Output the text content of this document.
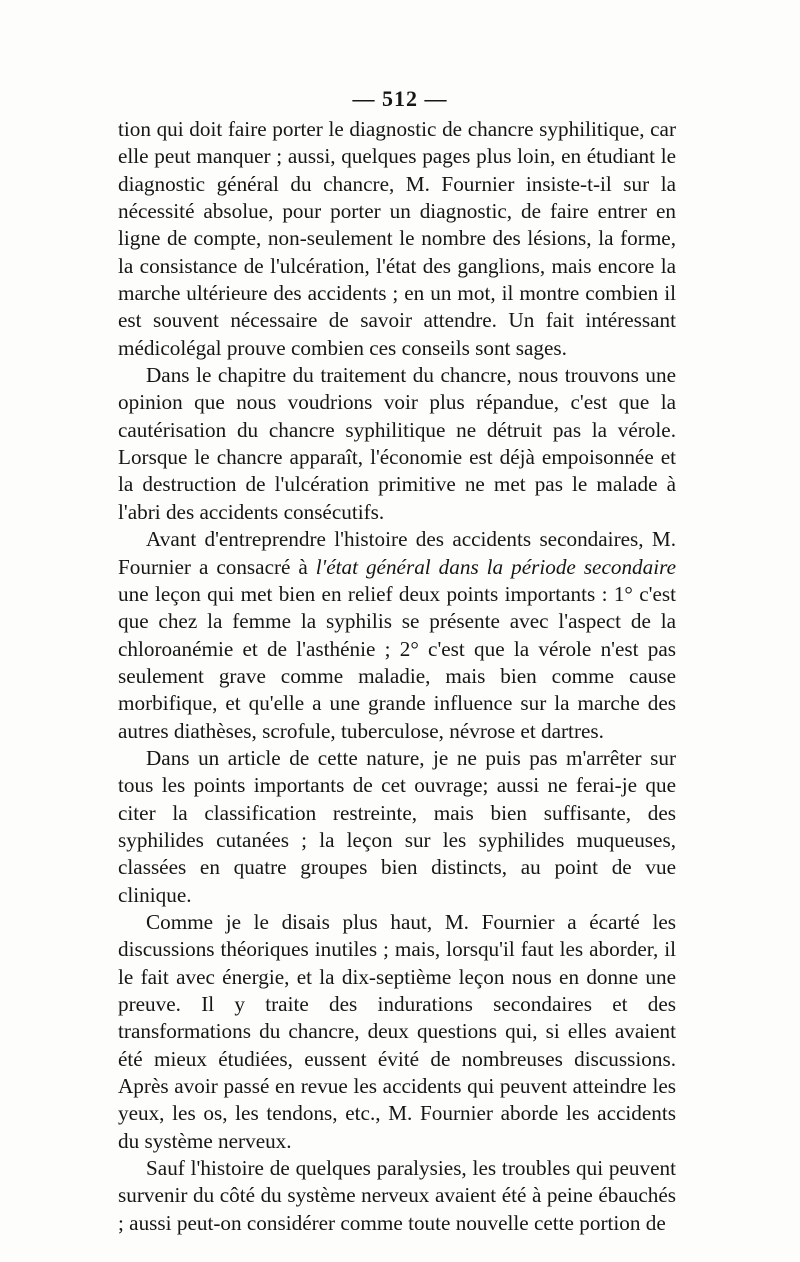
— 512 —

tion qui doit faire porter le diagnostic de chancre syphilitique, car elle peut manquer ; aussi, quelques pages plus loin, en étudiant le diagnostic général du chancre, M. Fournier insiste-t-il sur la nécessité absolue, pour porter un diagnostic, de faire entrer en ligne de compte, non-seulement le nombre des lésions, la forme, la consistance de l'ulcération, l'état des ganglions, mais encore la marche ultérieure des accidents ; en un mot, il montre combien il est souvent nécessaire de savoir attendre. Un fait intéressant médicolégal prouve combien ces conseils sont sages.

Dans le chapitre du traitement du chancre, nous trouvons une opinion que nous voudrions voir plus répandue, c'est que la cautérisation du chancre syphilitique ne détruit pas la vérole. Lorsque le chancre apparaît, l'économie est déjà empoisonnée et la destruction de l'ulcération primitive ne met pas le malade à l'abri des accidents consécutifs.

Avant d'entreprendre l'histoire des accidents secondaires, M. Fournier a consacré à l'état général dans la période secondaire une leçon qui met bien en relief deux points importants : 1° c'est que chez la femme la syphilis se présente avec l'aspect de la chloroanémie et de l'asthénie ; 2° c'est que la vérole n'est pas seulement grave comme maladie, mais bien comme cause morbifique, et qu'elle a une grande influence sur la marche des autres diathèses, scrofule, tuberculose, névrose et dartres.

Dans un article de cette nature, je ne puis pas m'arrêter sur tous les points importants de cet ouvrage; aussi ne ferai-je que citer la classification restreinte, mais bien suffisante, des syphilides cutanées ; la leçon sur les syphilides muqueuses, classées en quatre groupes bien distincts, au point de vue clinique.

Comme je le disais plus haut, M. Fournier a écarté les discussions théoriques inutiles ; mais, lorsqu'il faut les aborder, il le fait avec énergie, et la dix-septième leçon nous en donne une preuve. Il y traite des indurations secondaires et des transformations du chancre, deux questions qui, si elles avaient été mieux étudiées, eussent évité de nombreuses discussions. Après avoir passé en revue les accidents qui peuvent atteindre les yeux, les os, les tendons, etc., M. Fournier aborde les accidents du système nerveux.

Sauf l'histoire de quelques paralysies, les troubles qui peuvent survenir du côté du système nerveux avaient été à peine ébauchés ; aussi peut-on considérer comme toute nouvelle cette portion de
